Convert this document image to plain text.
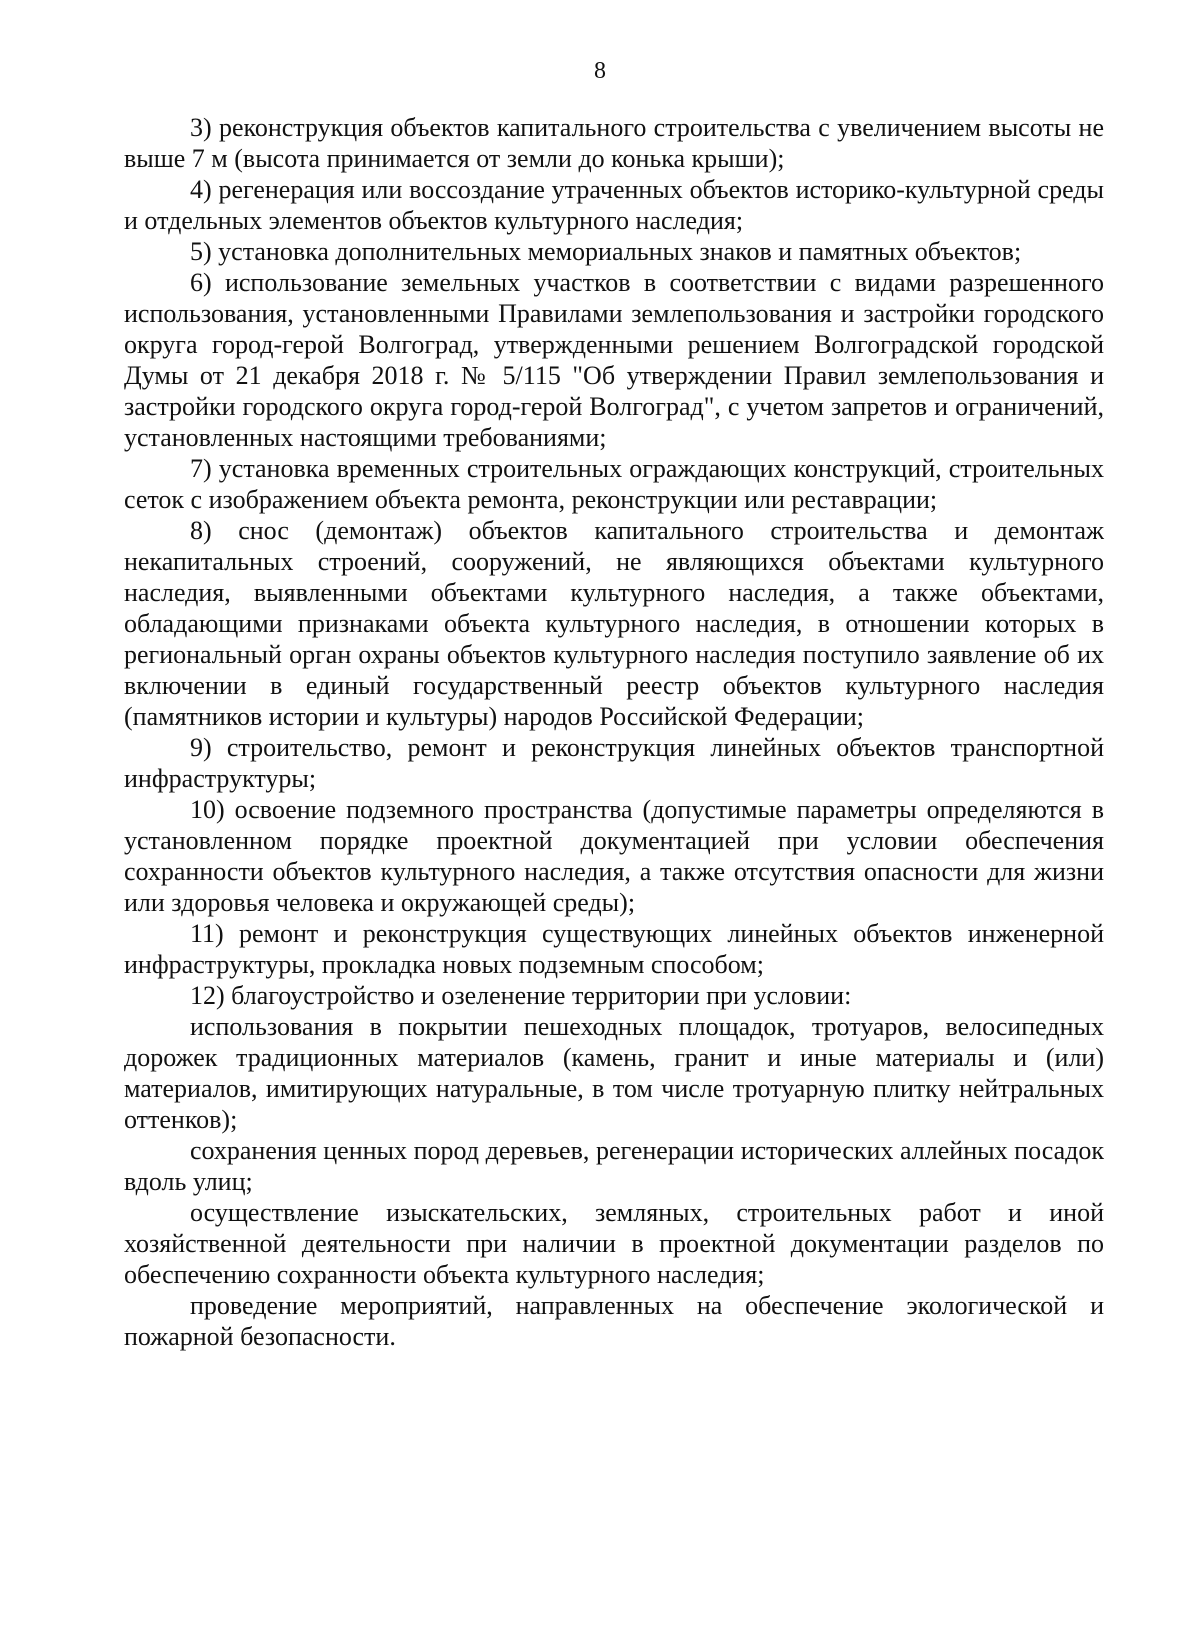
8

3) реконструкция объектов капитального строительства с увеличением высоты не выше 7 м (высота принимается от земли до конька крыши);

4) регенерация или воссоздание утраченных объектов историко-культурной среды и отдельных элементов объектов культурного наследия;

5) установка дополнительных мемориальных знаков и памятных объектов;

6) использование земельных участков в соответствии с видами разрешенного использования, установленными Правилами землепользования и застройки городского округа город-герой Волгоград, утвержденными решением Волгоградской городской Думы от 21 декабря 2018 г. № 5/115 "Об утверждении Правил землепользования и застройки городского округа город-герой Волгоград", с учетом запретов и ограничений, установленных настоящими требованиями;

7) установка временных строительных ограждающих конструкций, строительных сеток с изображением объекта ремонта, реконструкции или реставрации;

8) снос (демонтаж) объектов капитального строительства и демонтаж некапитальных строений, сооружений, не являющихся объектами культурного наследия, выявленными объектами культурного наследия, а также объектами, обладающими признаками объекта культурного наследия, в отношении которых в региональный орган охраны объектов культурного наследия поступило заявление об их включении в единый государственный реестр объектов культурного наследия (памятников истории и культуры) народов Российской Федерации;

9) строительство, ремонт и реконструкция линейных объектов транспортной инфраструктуры;

10) освоение подземного пространства (допустимые параметры определяются в установленном порядке проектной документацией при условии обеспечения сохранности объектов культурного наследия, а также отсутствия опасности для жизни или здоровья человека и окружающей среды);

11) ремонт и реконструкция существующих линейных объектов инженерной инфраструктуры, прокладка новых подземным способом;

12) благоустройство и озеленение территории при условии:

использования в покрытии пешеходных площадок, тротуаров, велосипедных дорожек традиционных материалов (камень, гранит и иные материалы и (или) материалов, имитирующих натуральные, в том числе тротуарную плитку нейтральных оттенков);

сохранения ценных пород деревьев, регенерации исторических аллейных посадок вдоль улиц;

осуществление изыскательских, земляных, строительных работ и иной хозяйственной деятельности при наличии в проектной документации разделов по обеспечению сохранности объекта культурного наследия;

проведение мероприятий, направленных на обеспечение экологической и пожарной безопасности.
